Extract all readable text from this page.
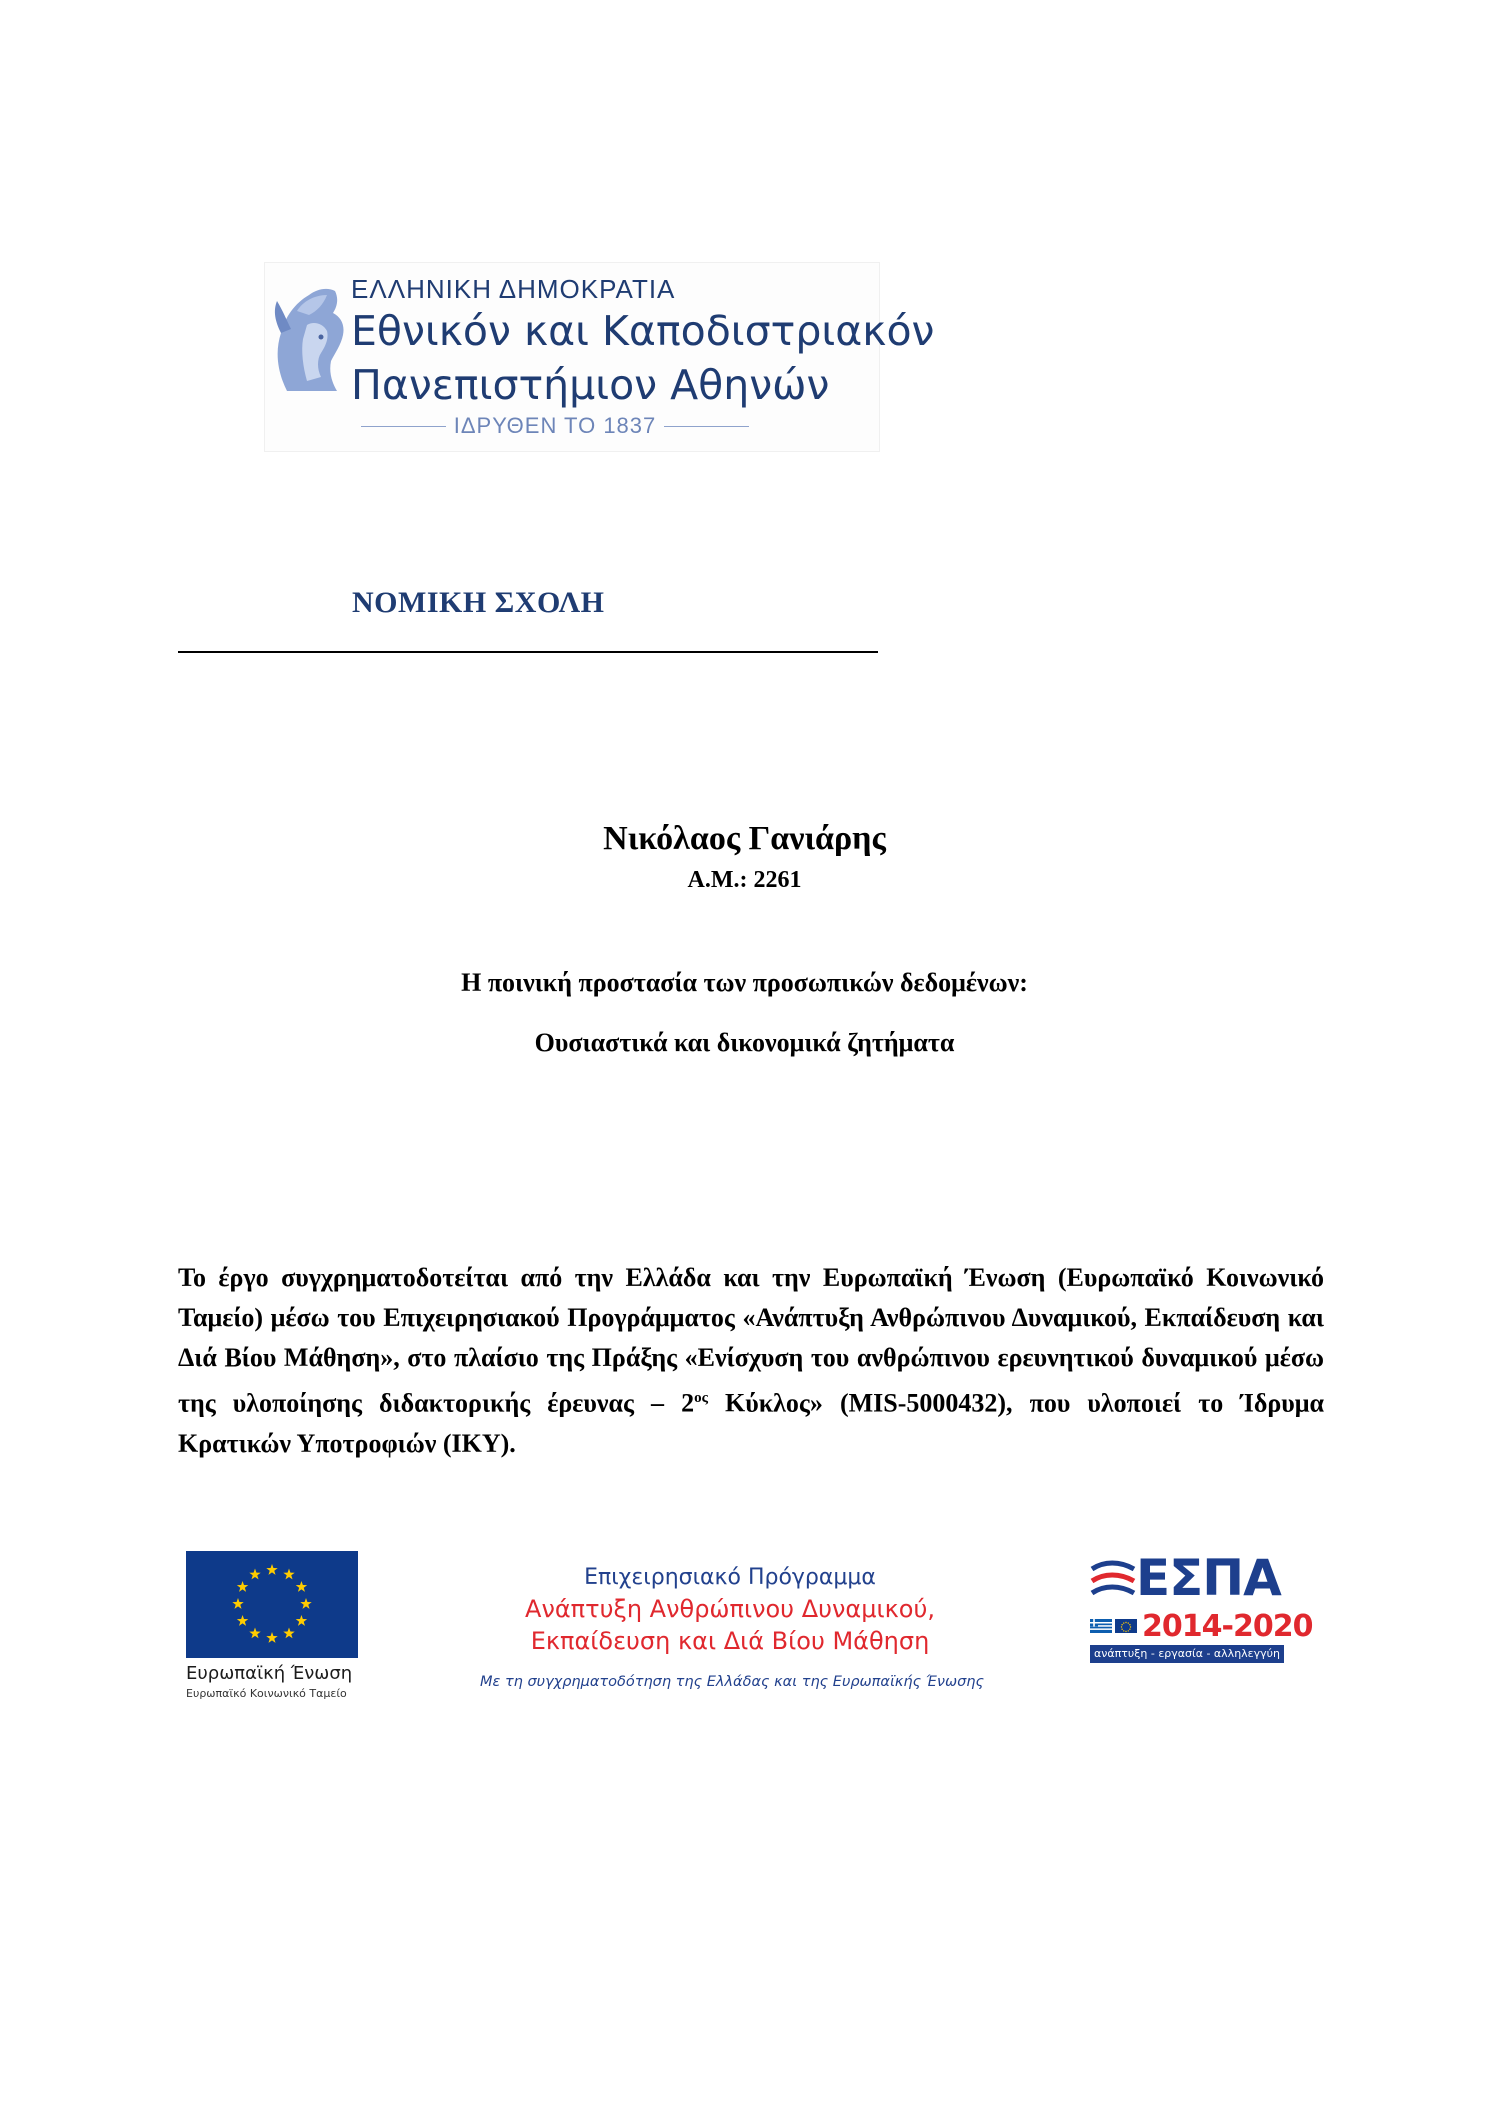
ΕΛΛΗΝΙΚΗ ΔΗΜΟΚΡΑΤΙΑ
Εθνικόν και Καποδιστριακόν
Πανεπιστήμιον Αθηνών
ΙΔΡΥΘΕΝ ΤΟ 1837
ΝΟΜΙΚΗ ΣΧΟΛΗ
Νικόλαος Γανιάρης
Α.Μ.: 2261
Η ποινική προστασία των προσωπικών δεδομένων:
Ουσιαστικά και δικονομικά ζητήματα
Το έργο συγχρηματοδοτείται από την Ελλάδα και την Ευρωπαϊκή Ένωση (Ευρωπαϊκό Κοινωνικό Ταμείο) μέσω του Επιχειρησιακού Προγράμματος «Ανάπτυξη Ανθρώπινου Δυναμικού, Εκπαίδευση και Διά Βίου Μάθηση», στο πλαίσιο της Πράξης «Ενίσχυση του ανθρώπινου ερευνητικού δυναμικού μέσω της υλοποίησης διδακτορικής έρευνας – $2^{o\varsigma}$ Κύκλος» (MIS-5000432), που υλοποιεί το Ίδρυμα Κρατικών Υποτροφιών (ΙΚΥ).
Ευρωπαϊκή Ένωση
Ευρωπαϊκό Κοινωνικό Ταμείο
Επιχειρησιακό Πρόγραμμα
Ανάπτυξη Ανθρώπινου Δυναμικού,
Εκπαίδευση και Διά Βίου Μάθηση
Με τη συγχρηματοδότηση της Ελλάδας και της Ευρωπαϊκής Ένωσης
ΕΣΠΑ
2014-2020
ανάπτυξη - εργασία - αλληλεγγύη
